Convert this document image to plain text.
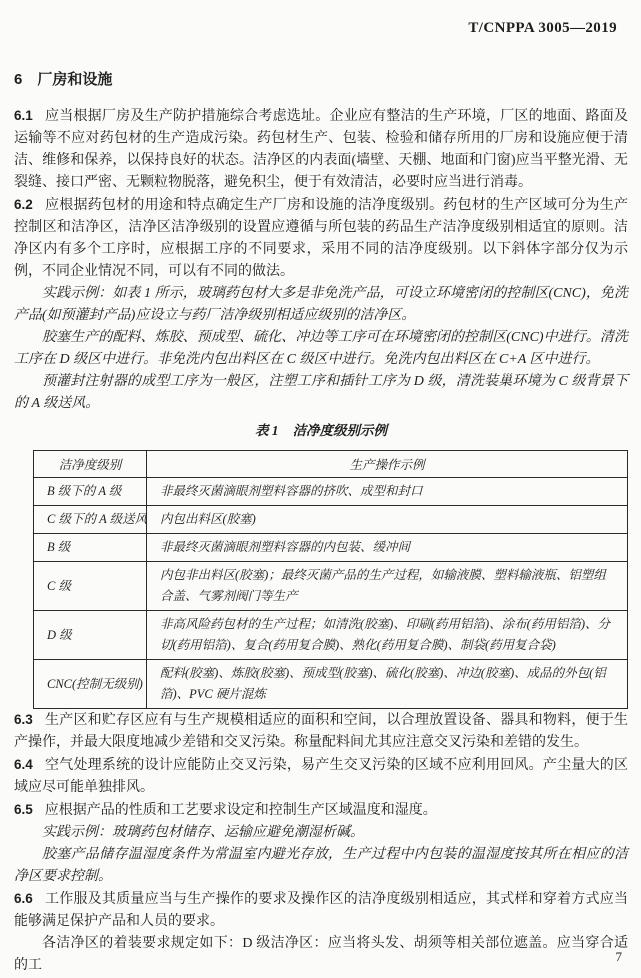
T/CNPPA 3005—2019
6 厂房和设施

6.1 应当根据厂房及生产防护措施综合考虑选址。企业应有整洁的生产环境，厂区的地面、路面及运输等不应对药包材的生产造成污染。药包材生产、包装、检验和储存所用的厂房和设施应便于清洁、维修和保养，以保持良好的状态。洁净区的内表面(墙壁、天棚、地面和门窗)应当平整光滑、无裂缝、接口严密、无颗粒物脱落，避免积尘，便于有效清洁，必要时应当进行消毒。

6.2 应根据药包材的用途和特点确定生产厂房和设施的洁净度级别。药包材的生产区域可分为生产控制区和洁净区，洁净区洁净级别的设置应遵循与所包装的药品生产洁净度级别相适宜的原则。洁净区内有多个工序时，应根据工序的不同要求，采用不同的洁净度级别。以下斜体字部分仅为示例，不同企业情况不同，可以有不同的做法。

实践示例：如表 1 所示，玻璃药包材大多是非免洗产品，可设立环境密闭的控制区(CNC)，免洗产品(如预灌封产品)应设立与药厂洁净级别相适应级别的洁净区。

胶塞生产的配料、炼胶、预成型、硫化、冲边等工序可在环境密闭的控制区(CNC)中进行。清洗工序在 D 级区中进行。非免洗内包出料区在 C 级区中进行。免洗内包出料区在 C+A 区中进行。

预灌封注射器的成型工序为一般区，注塑工序和插针工序为 D 级，清洗装巢环境为 C 级背景下的 A 级送风。

表 1 洁净度级别示例
洁净度级别	生产操作示例
B 级下的 A 级	非最终灭菌滴眼剂塑料容器的挤吹、成型和封口
C 级下的 A 级送风	内包出料区(胶塞)
B 级	非最终灭菌滴眼剂塑料容器的内包装、缓冲间
C 级	内包非出料区(胶塞)；最终灭菌产品的生产过程，如输液膜、塑料输液瓶、铝塑组合盖、气雾剂阀门等生产
D 级	非高风险药包材的生产过程；如清洗(胶塞)、印刷(药用铝箔)、涂布(药用铝箔)、分切(药用铝箔)、复合(药用复合膜)、熟化(药用复合膜)、制袋(药用复合袋)
CNC(控制无级别)	配料(胶塞)、炼胶(胶塞)、预成型(胶塞)、硫化(胶塞)、冲边(胶塞)、成品的外包(铝箔)、PVC 硬片混炼

6.3 生产区和贮存区应有与生产规模相适应的面积和空间，以合理放置设备、器具和物料，便于生产操作，并最大限度地减少差错和交叉污染。称量配料间尤其应注意交叉污染和差错的发生。

6.4 空气处理系统的设计应能防止交叉污染，易产生交叉污染的区域不应利用回风。产尘量大的区域应尽可能单独排风。

6.5 应根据产品的性质和工艺要求设定和控制生产区域温度和湿度。

实践示例：玻璃药包材储存、运输应避免潮湿析碱。

胶塞产品储存温湿度条件为常温室内避光存放，生产过程中内包装的温湿度按其所在相应的洁净区要求控制。

6.6 工作服及其质量应当与生产操作的要求及操作区的洁净度级别相适应，其式样和穿着方式应当能够满足保护产品和人员的要求。

各洁净区的着装要求规定如下：D 级洁净区：应当将头发、胡须等相关部位遮盖。应当穿合适的工

7
